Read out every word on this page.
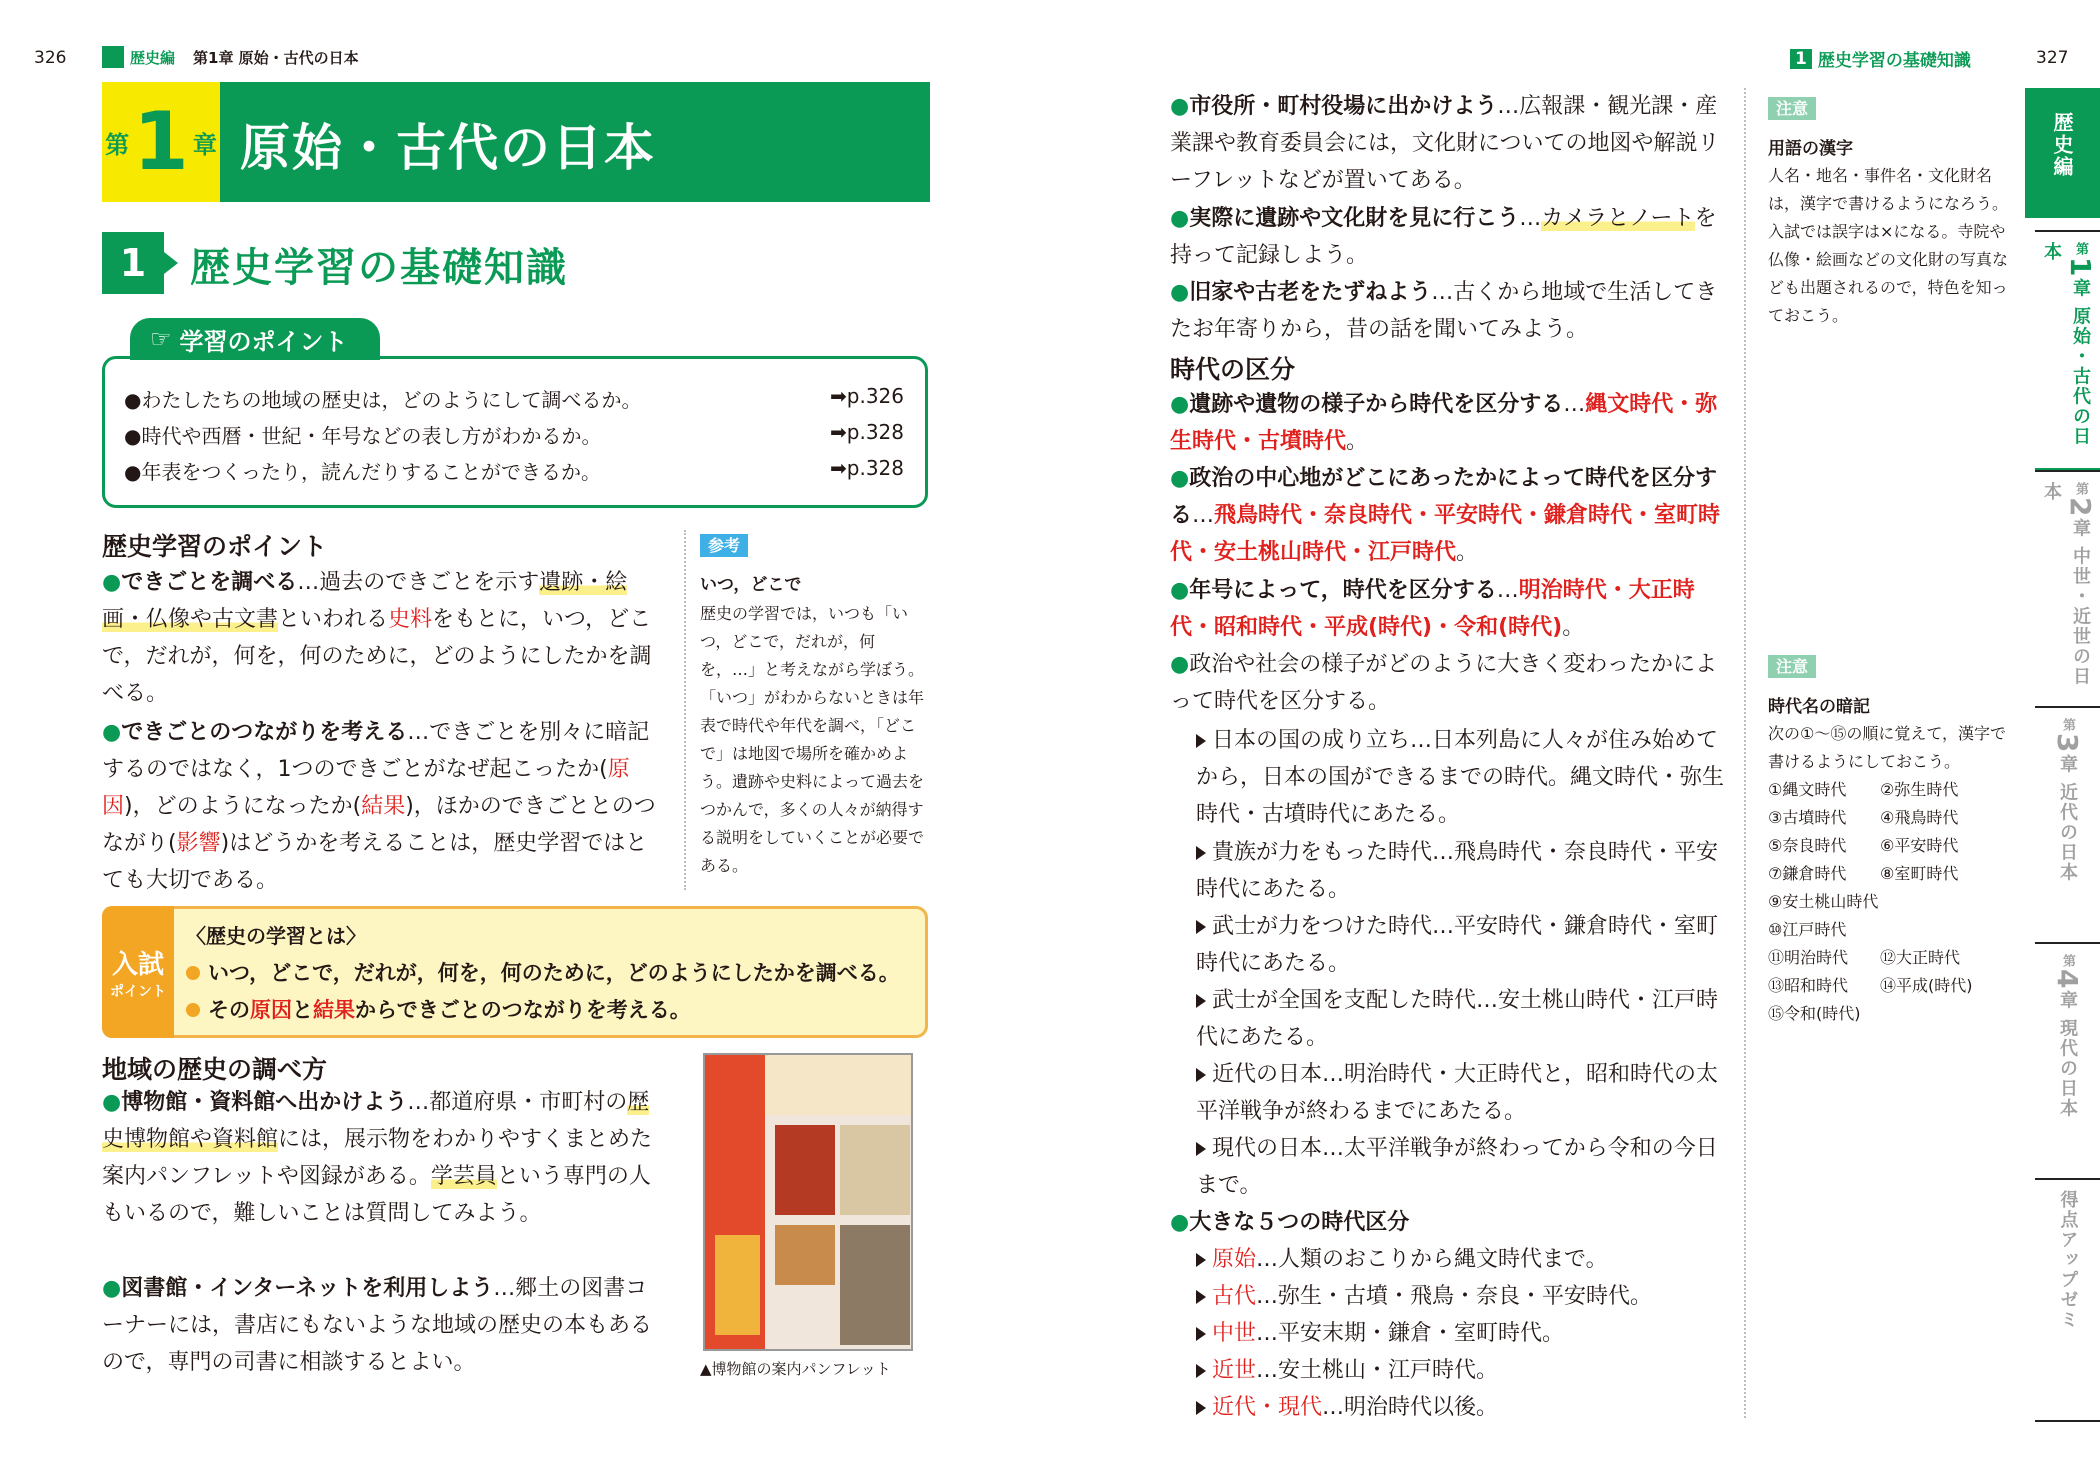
326	歴史編 第1章 原始・古代の日本
第 1 章 原始・古代の日本
1	歴史学習の基礎知識
☞ 学習のポイント
●わたしたちの地域の歴史は，どのようにして調べるか。	➡p.326
●時代や西暦・世紀・年号などの表し方がわかるか。	➡p.328
●年表をつくったり，読んだりすることができるか。	➡p.328
歴史学習のポイント
●できごとを調べる…過去のできごとを示す遺跡・絵画・仏像や古文書といわれる史料をもとに，いつ，どこで，だれが，何を，何のために，どのようにしたかを調べる。
●できごとのつながりを考える…できごとを別々に暗記するのではなく，1つのできごとがなぜ起こったか(原因)，どのようになったか(結果)，ほかのできごととのつながり(影響)はどうかを考えることは，歴史学習ではとても大切である。
参考
いつ，どこで
歴史の学習では，いつも「いつ，どこで，だれが，何を，…」と考えながら学ぼう。「いつ」がわからないときは年表で時代や年代を調べ，「どこで」は地図で場所を確かめよう。遺跡や史料によって過去をつかんで，多くの人々が納得する説明をしていくことが必要である。
入試
ポイント
〈歴史の学習とは〉
いつ，どこで，だれが，何を，何のために，どのようにしたかを調べる。
その原因と結果からできごとのつながりを考える。
地域の歴史の調べ方
●博物館・資料館へ出かけよう…都道府県・市町村の歴史博物館や資料館には，展示物をわかりやすくまとめた案内パンフレットや図録がある。学芸員という専門の人もいるので，難しいことは質問してみよう。
●図書館・インターネットを利用しよう…郷土の図書コーナーには，書店にもないような地域の歴史の本もあるので，専門の司書に相談するとよい。	▲博物館の案内パンフレット
327
1 歴史学習の基礎知識
●市役所・町村役場に出かけよう…広報課・観光課・産業課や教育委員会には，文化財についての地図や解説リーフレットなどが置いてある。
●実際に遺跡や文化財を見に行こう…カメラとノートを持って記録しよう。
●旧家や古老をたずねよう…古くから地域で生活してきたお年寄りから，昔の話を聞いてみよう。
時代の区分
●遺跡や遺物の様子から時代を区分する…縄文時代・弥生時代・古墳時代。
●政治の中心地がどこにあったかによって時代を区分する…飛鳥時代・奈良時代・平安時代・鎌倉時代・室町時代・安土桃山時代・江戸時代。
●年号によって，時代を区分する…明治時代・大正時代・昭和時代・平成(時代)・令和(時代)。
●政治や社会の様子がどのように大きく変わったかによって時代を区分する。
日本の国の成り立ち…日本列島に人々が住み始めてから，日本の国ができるまでの時代。縄文時代・弥生時代・古墳時代にあたる。
貴族が力をもった時代…飛鳥時代・奈良時代・平安時代にあたる。
武士が力をつけた時代…平安時代・鎌倉時代・室町時代にあたる。
武士が全国を支配した時代…安土桃山時代・江戸時代にあたる。
近代の日本…明治時代・大正時代と，昭和時代の太平洋戦争が終わるまでにあたる。
現代の日本…太平洋戦争が終わってから令和の今日まで。
●大きな５つの時代区分
原始…人類のおこりから縄文時代まで。
古代…弥生・古墳・飛鳥・奈良・平安時代。
中世…平安末期・鎌倉・室町時代。
近世…安土桃山・江戸時代。
近代・現代…明治時代以後。
注意
用語の漢字
人名・地名・事件名・文化財名は，漢字で書けるようになろう。入試では誤字は×になる。寺院や仏像・絵画などの文化財の写真なども出題されるので，特色を知っておこう。
注意
時代名の暗記
次の①～⑮の順に覚えて，漢字で書けるようにしておこう。
①縄文時代 ②弥生時代
③古墳時代 ④飛鳥時代
⑤奈良時代 ⑥平安時代
⑦鎌倉時代 ⑧室町時代
⑨安土桃山時代
⑩江戸時代
⑪明治時代 ⑫大正時代
⑬昭和時代 ⑭平成(時代)
⑮令和(時代)
歴史編
第1章 原始・古代の日本
第2章 中世・近世の日本
第3章 近代の日本
第4章 現代の日本
得点アップゼミ
